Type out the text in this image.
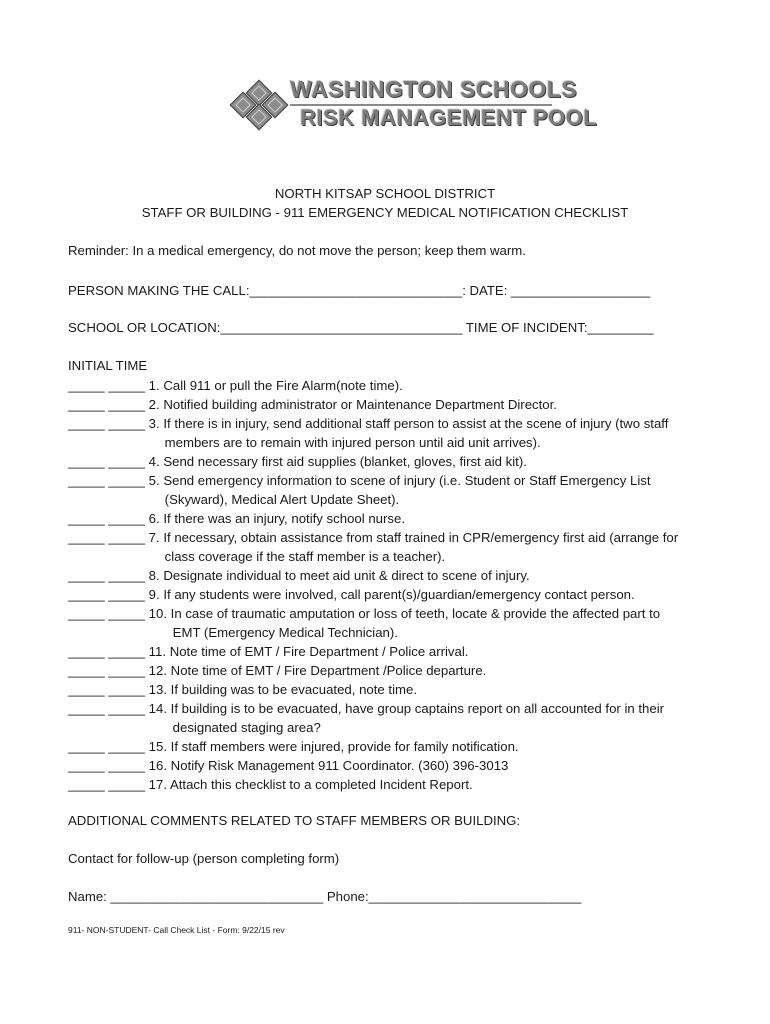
WASHINGTON SCHOOLS
RISK MANAGEMENT POOL
NORTH KITSAP SCHOOL DISTRICT
STAFF OR BUILDING - 911 EMERGENCY MEDICAL NOTIFICATION CHECKLIST
Reminder: In a medical emergency, do not move the person; keep them warm.
PERSON MAKING THE CALL:_____________________________: DATE: ___________________
SCHOOL OR LOCATION:_________________________________ TIME OF INCIDENT:_________
INITIAL TIME
_____ _____ 1. Call 911 or pull the Fire Alarm(note time).
_____ _____ 2. Notified building administrator or Maintenance Department Director.
_____ _____ 3. If there is in injury, send additional staff person to assist at the scene of injury (two staff
members are to remain with injured person until aid unit arrives).
_____ _____ 4. Send necessary first aid supplies (blanket, gloves, first aid kit).
_____ _____ 5. Send emergency information to scene of injury (i.e. Student or Staff Emergency List
(Skyward), Medical Alert Update Sheet).
_____ _____ 6. If there was an injury, notify school nurse.
_____ _____ 7. If necessary, obtain assistance from staff trained in CPR/emergency first aid (arrange for
class coverage if the staff member is a teacher).
_____ _____ 8. Designate individual to meet aid unit & direct to scene of injury.
_____ _____ 9. If any students were involved, call parent(s)/guardian/emergency contact person.
_____ _____ 10. In case of traumatic amputation or loss of teeth, locate & provide the affected part to
EMT (Emergency Medical Technician).
_____ _____ 11. Note time of EMT / Fire Department / Police arrival.
_____ _____ 12. Note time of EMT / Fire Department /Police departure.
_____ _____ 13. If building was to be evacuated, note time.
_____ _____ 14. If building is to be evacuated, have group captains report on all accounted for in their
designated staging area?
_____ _____ 15. If staff members were injured, provide for family notification.
_____ _____ 16. Notify Risk Management 911 Coordinator. (360) 396-3013
_____ _____ 17. Attach this checklist to a completed Incident Report.
ADDITIONAL COMMENTS RELATED TO STAFF MEMBERS OR BUILDING:
Contact for follow-up (person completing form)
Name: _____________________________ Phone:_____________________________
911- NON-STUDENT- Call Check List - Form: 9/22/15 rev
